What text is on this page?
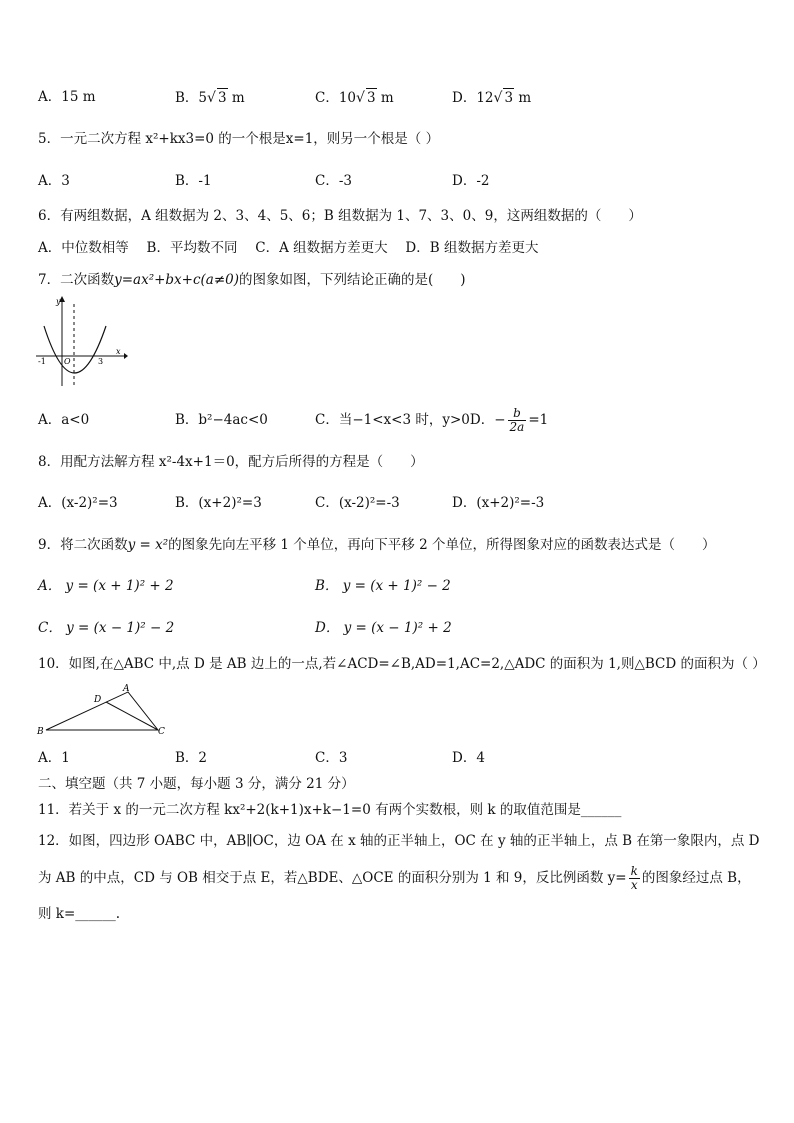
A．15 m	B．5√ 3 m	C．10√ 3 m	D．12√ 3 m
5．一元二次方程 x²+kx3=0 的一个根是x=1，则另一个根是（ ）
A．3	B．-1	C．-3	D．-2
6．有两组数据，A 组数据为 2、3、4、5、6；B 组数据为 1、7、3、0、9，这两组数据的（　　）
A．中位数相等　 B．平均数不同　 C．A 组数据方差更大　 D．B 组数据方差更大
7．二次函数y=ax²+bx+c(a≠0)的图象如图，下列结论正确的是(　　)
y
x
O
-1	3
A．a<0	B．b²−4ac<0	C．当−1<x<3 时，y>0D．− $\frac{b}{2a} =1$
8．用配方法解方程 x²-4x+1＝0，配方后所得的方程是（　　）
A．(x-2)²=3	B．(x+2)²=3	C．(x-2)²=-3	D．(x+2)²=-3
9．将二次函数y = x²的图象先向左平移 1 个单位，再向下平移 2 个单位，所得图象对应的函数表达式是（　　）
A． y = (x + 1)² + 2	B． y = (x + 1)² − 2
C． y = (x − 1)² − 2	D． y = (x − 1)² + 2
10．如图,在△ABC 中,点 D 是 AB 边上的一点,若∠ACD=∠B,AD=1,AC=2,△ADC 的面积为 1,则△BCD 的面积为（ ）
A
B	C
D
A．1	B．2	C．3	D．4
二、填空题（共 7 小题，每小题 3 分，满分 21 分）
11．若关于 x 的一元二次方程 kx²+2(k+1)x+k−1=0 有两个实数根，则 k 的取值范围是______
12．如图，四边形 OABC 中，AB∥OC，边 OA 在 x 轴的正半轴上，OC 在 y 轴的正半轴上，点 B 在第一象限内，点 D
为 AB 的中点，CD 与 OB 相交于点 E，若△BDE、△OCE 的面积分别为 1 和 9，反比例函数 $y= \frac{k}{x}$ 的图象经过点 B，
则 k=______.
